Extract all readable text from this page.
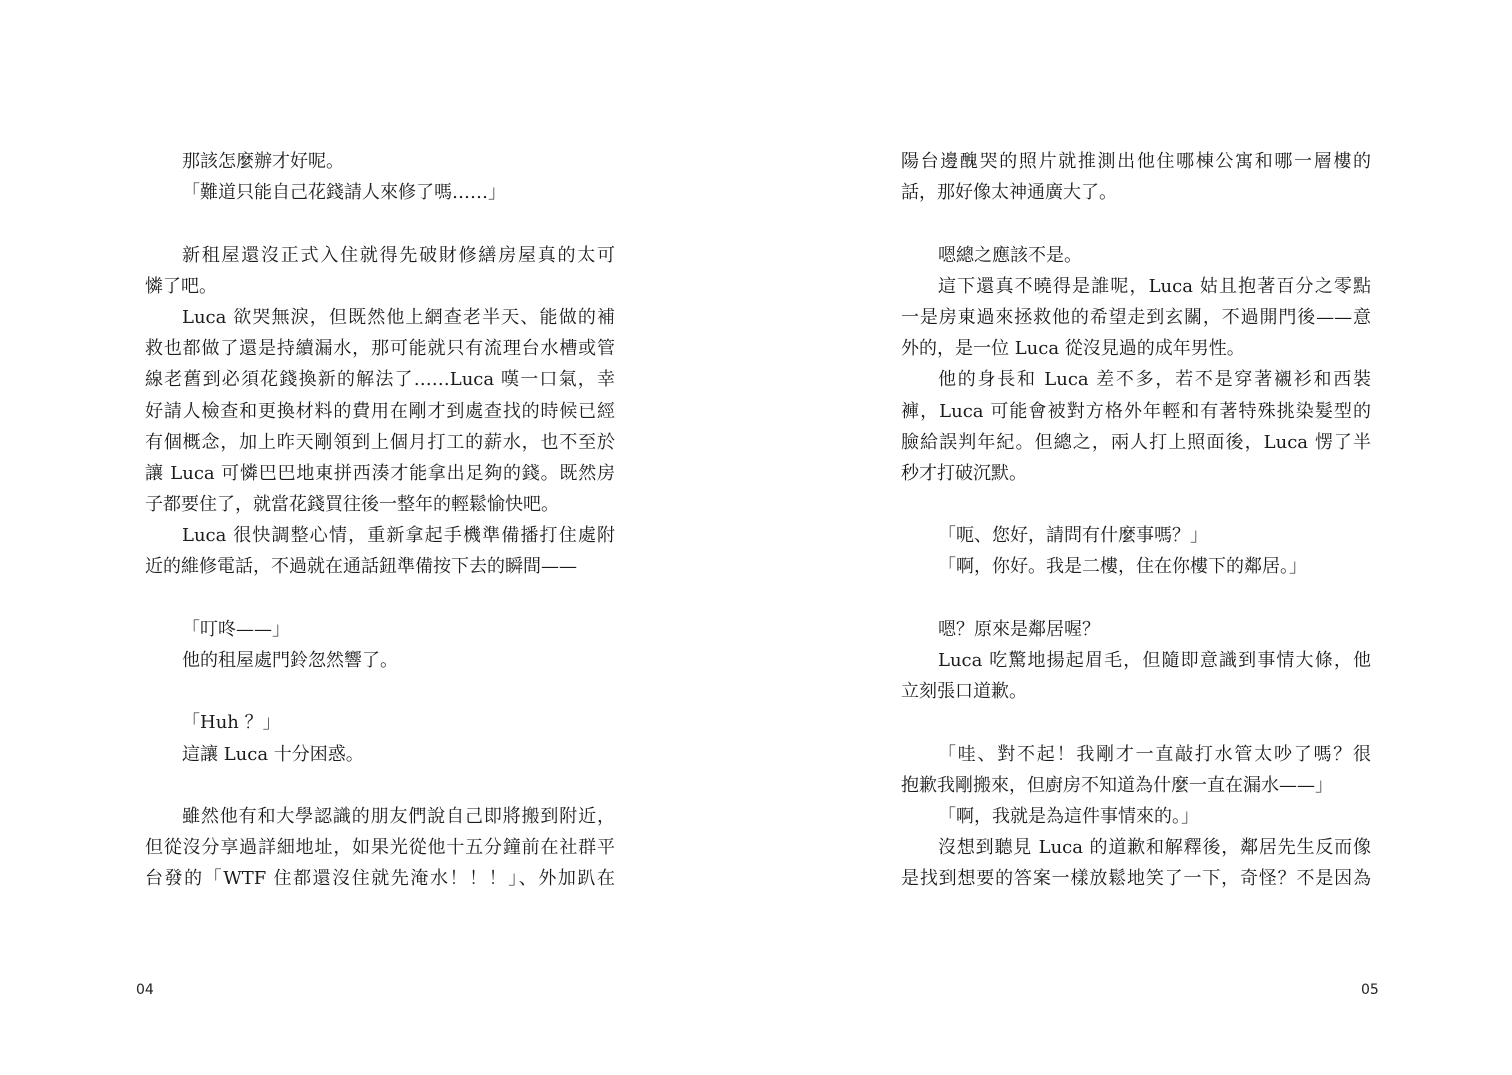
那該怎麼辦才好呢。
「難道只能自己花錢請人來修了嗎……」
新租屋還沒正式入住就得先破財修繕房屋真的太可
憐了吧。
Luca 欲哭無淚，但既然他上網查老半天、能做的補
救也都做了還是持續漏水，那可能就只有流理台水槽或管
線老舊到必須花錢換新的解法了……Luca 嘆一口氣，幸
好請人檢查和更換材料的費用在剛才到處查找的時候已經
有個概念，加上昨天剛領到上個月打工的薪水，也不至於
讓 Luca 可憐巴巴地東拼西湊才能拿出足夠的錢。既然房
子都要住了，就當花錢買往後一整年的輕鬆愉快吧。
Luca 很快調整心情，重新拿起手機準備播打住處附
近的維修電話，不過就在通話鈕準備按下去的瞬間——
「叮咚——」
他的租屋處門鈴忽然響了。
「Huh ？」
這讓 Luca 十分困惑。
雖然他有和大學認識的朋友們說自己即將搬到附近，
但從沒分享過詳細地址，如果光從他十五分鐘前在社群平
台發的「WTF 住都還沒住就先淹水！！！」、外加趴在
04
陽台邊醜哭的照片就推測出他住哪棟公寓和哪一層樓的
話，那好像太神通廣大了。
嗯總之應該不是。
這下還真不曉得是誰呢，Luca 姑且抱著百分之零點
一是房東過來拯救他的希望走到玄關，不過開門後——意
外的，是一位 Luca 從沒見過的成年男性。
他的身長和 Luca 差不多，若不是穿著襯衫和西裝
褲，Luca 可能會被對方格外年輕和有著特殊挑染髮型的
臉給誤判年紀。但總之，兩人打上照面後，Luca 愣了半
秒才打破沉默。
「呃、您好，請問有什麼事嗎？」
「啊，你好。我是二樓，住在你樓下的鄰居。」
嗯？原來是鄰居喔？
Luca 吃驚地揚起眉毛，但隨即意識到事情大條，他
立刻張口道歉。
「哇、對不起！我剛才一直敲打水管太吵了嗎？很
抱歉我剛搬來，但廚房不知道為什麼一直在漏水——」
「啊，我就是為這件事情來的。」
沒想到聽見 Luca 的道歉和解釋後，鄰居先生反而像
是找到想要的答案一樣放鬆地笑了一下，奇怪？不是因為
05
